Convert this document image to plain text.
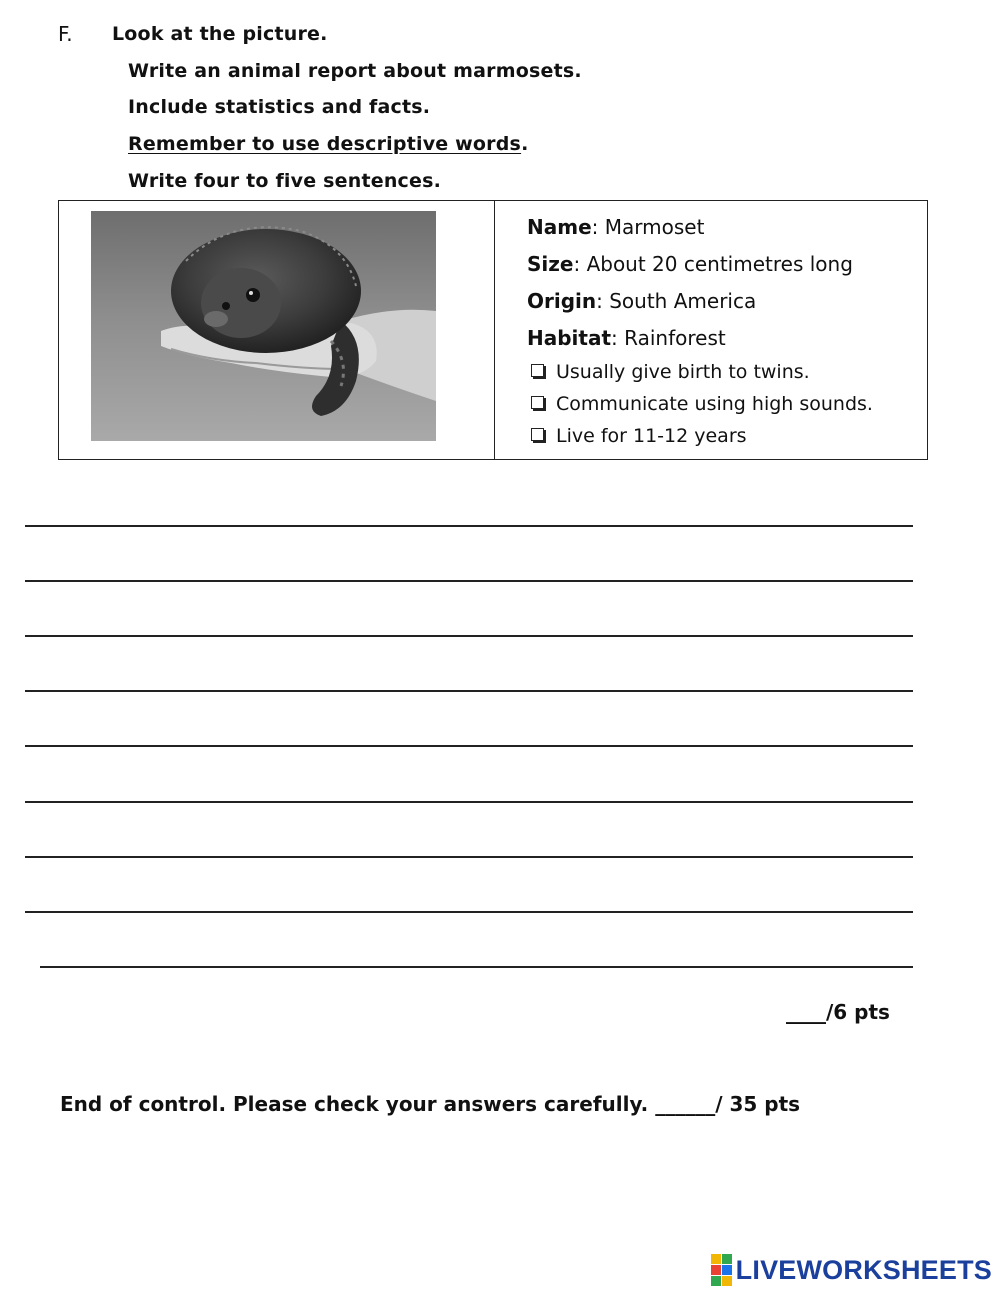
F. Look at the picture.
Write an animal report about marmosets.
Include statistics and facts.
Remember to use descriptive words.
Write four to five sentences.
Name: Marmoset
Size: About 20 centimetres long
Origin: South America
Habitat: Rainforest
Usually give birth to twins.
Communicate using high sounds.
Live for 11-12 years
____/6 pts
End of control. Please check your answers carefully. ______/ 35 pts
LIVEWORKSHEETS
